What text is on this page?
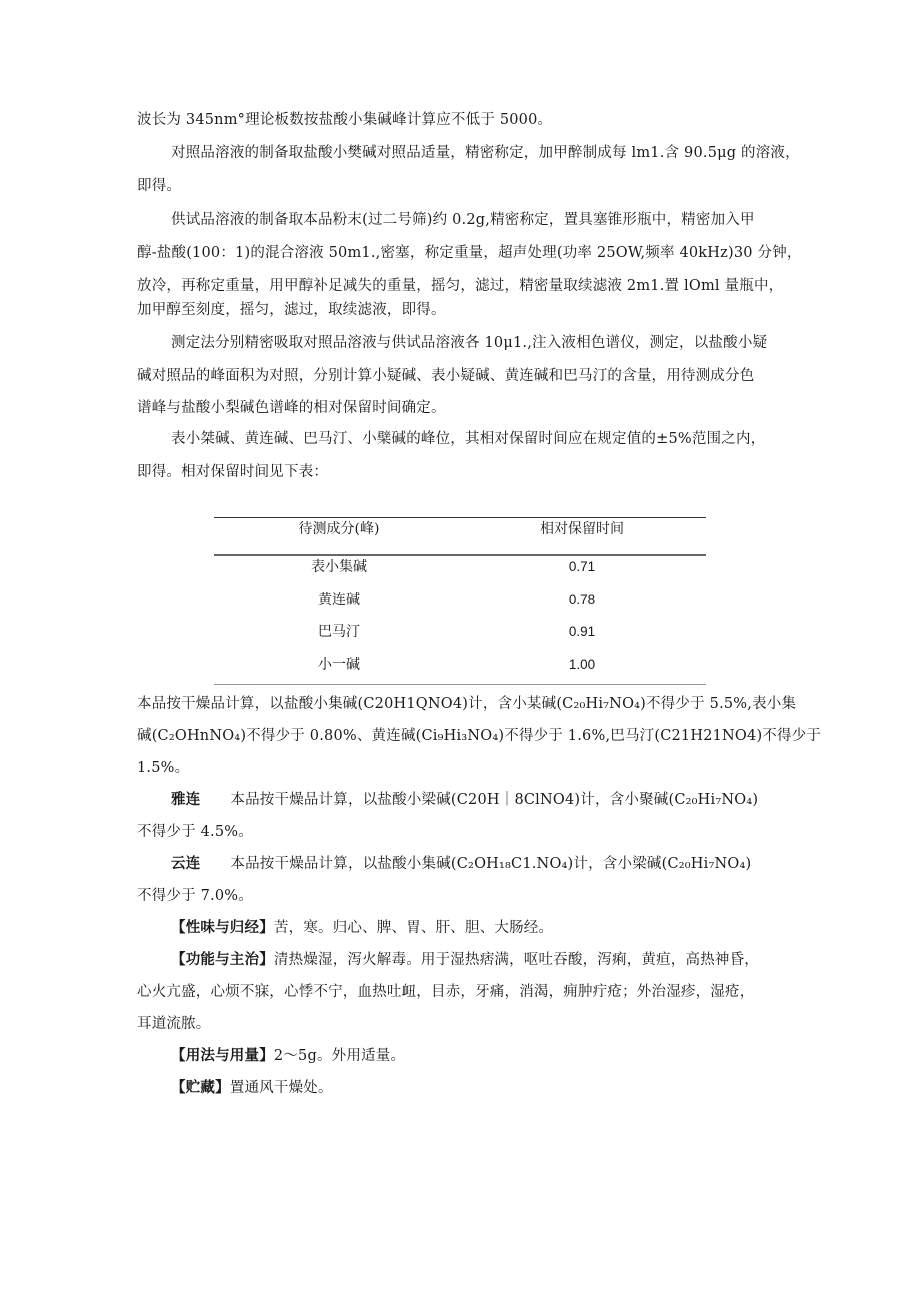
波长为 345nm°理论板数按盐酸小集碱峰计算应不低于 5000。
对照品溶液的制备取盐酸小樊碱对照品适量，精密称定，加甲醉制成每 lm1.含 90.5μg 的溶液，
即得。
供试品溶液的制备取本品粉末(过二号筛)约 0.2g,精密称定，置具塞锥形瓶中，精密加入甲
醇-盐酸(100：1)的混合溶液 50m1.,密塞，称定重量，超声处理(功率 25OW,频率 40kHz)30 分钟，
放冷，再称定重量，用甲醇补足减失的重量，摇匀，滤过，精密量取续滤液 2m1.置 lOml 量瓶中，
加甲醇至刻度，摇匀，滤过，取续滤液，即得。
测定法分别精密吸取对照品溶液与供试品溶液各 10μ1.,注入液相色谱仪，测定，以盐酸小疑
碱对照品的峰面积为对照，分别计算小疑碱、表小疑碱、黄连碱和巴马汀的含量，用待测成分色
谱峰与盐酸小梨碱色谱峰的相对保留时间确定。
表小桀碱、黄连碱、巴马汀、小檗碱的峰位，其相对保留时间应在规定值的±5%范围之内，
即得。相对保留时间见下表：
待测成分(峰)	相对保留时间
表小集碱	0.71
黄连碱	0.78
巴马汀	0.91
小一碱	1.00
本品按干燥品计算，以盐酸小集碱(C20H1QNO4)计，含小某碱(C₂₀Hi₇NO₄)不得少于 5.5%,表小集
碱(C₂OHnNO₄)不得少于 0.80%、黄连碱(Ci₉Hi₃NO₄)不得少于 1.6%,巴马汀(C21H21NO4)不得少于
1.5%。
雅连 本品按干燥品计算，以盐酸小梁碱(C20H｜8ClNO4)计，含小聚碱(C₂₀Hi₇NO₄)
不得少于 4.5%。
云连 本品按干燥品计算，以盐酸小集碱(C₂OH₁₈C1.NO₄)计，含小梁碱(C₂₀Hi₇NO₄)
不得少于 7.0%。
【性味与归经】苦，寒。归心、脾、胃、肝、胆、大肠经。
【功能与主治】清热燥湿，泻火解毒。用于湿热痞满，呕吐吞酸，泻痢，黄疸，高热神昏，
心火亢盛，心烦不寐，心悸不宁，血热吐衄，目赤，牙痛，消渴，痈肿疔疮；外治湿疹，湿疮，
耳道流脓。
【用法与用量】2～5g。外用适量。
【贮藏】置通风干燥处。
